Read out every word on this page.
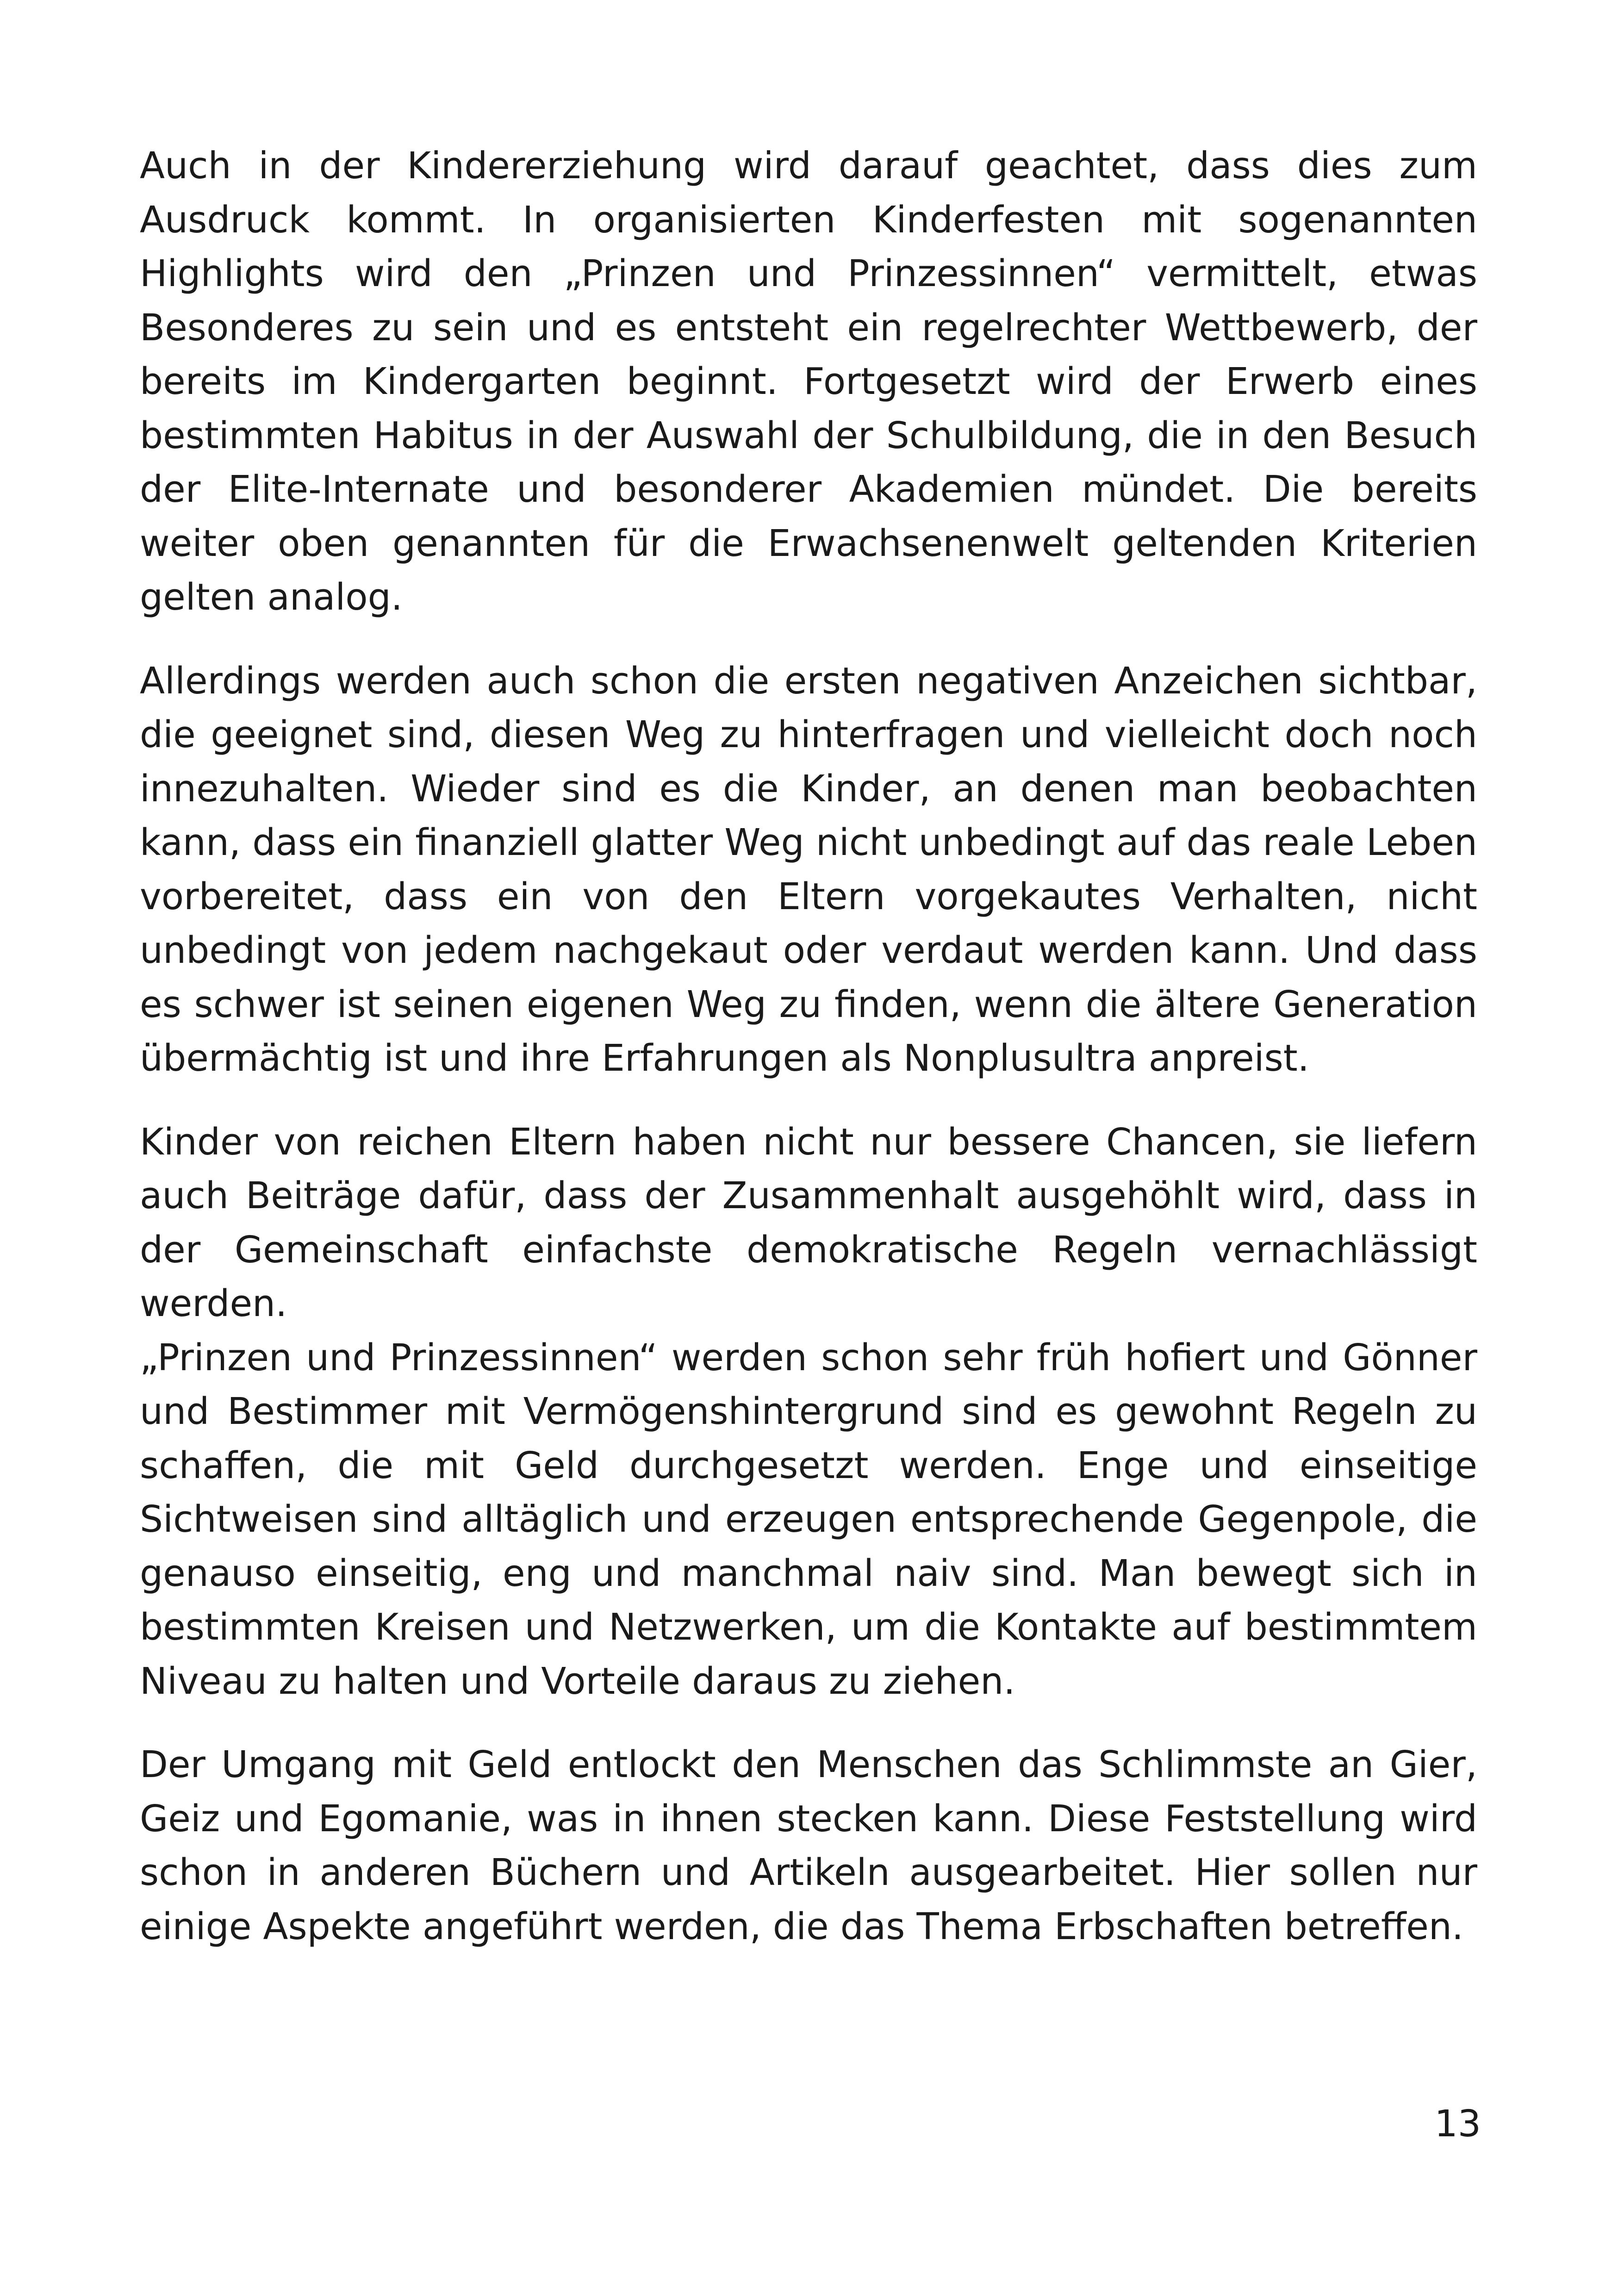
Auch in der Kindererziehung wird darauf geachtet, dass dies zum Ausdruck kommt. In organisierten Kinderfesten mit sogenannten Highlights wird den „Prinzen und Prinzessinnen“ vermittelt, etwas Besonderes zu sein und es entsteht ein regelrechter Wettbewerb, der bereits im Kindergarten beginnt. Fortgesetzt wird der Erwerb eines bestimmten Habitus in der Auswahl der Schulbildung, die in den Besuch der Elite-Internate und besonderer Akademien mündet. Die bereits weiter oben genannten für die Erwachsenenwelt geltenden Kriterien gelten analog.

Allerdings werden auch schon die ersten negativen Anzeichen sichtbar, die geeignet sind, diesen Weg zu hinterfragen und vielleicht doch noch innezuhalten. Wieder sind es die Kinder, an denen man beobachten kann, dass ein finanziell glatter Weg nicht unbedingt auf das reale Leben vorbereitet, dass ein von den Eltern vorgekautes Verhalten, nicht unbedingt von jedem nachgekaut oder verdaut werden kann. Und dass es schwer ist seinen eigenen Weg zu finden, wenn die ältere Generation übermächtig ist und ihre Erfahrungen als Nonplusultra anpreist.

Kinder von reichen Eltern haben nicht nur bessere Chancen, sie liefern auch Beiträge dafür, dass der Zusammenhalt ausgehöhlt wird, dass in der Gemeinschaft einfachste demokratische Regeln vernachlässigt werden.

„Prinzen und Prinzessinnen“ werden schon sehr früh hofiert und Gönner und Bestimmer mit Vermögenshintergrund sind es gewohnt Regeln zu schaffen, die mit Geld durchgesetzt werden. Enge und einseitige Sichtweisen sind alltäglich und erzeugen entsprechende Gegenpole, die genauso einseitig, eng und manchmal naiv sind. Man bewegt sich in bestimmten Kreisen und Netzwerken, um die Kontakte auf bestimmtem Niveau zu halten und Vorteile daraus zu ziehen.

Der Umgang mit Geld entlockt den Menschen das Schlimmste an Gier, Geiz und Egomanie, was in ihnen stecken kann. Diese Feststellung wird schon in anderen Büchern und Artikeln ausgearbeitet. Hier sollen nur einige Aspekte angeführt werden, die das Thema Erbschaften betreffen.

13
